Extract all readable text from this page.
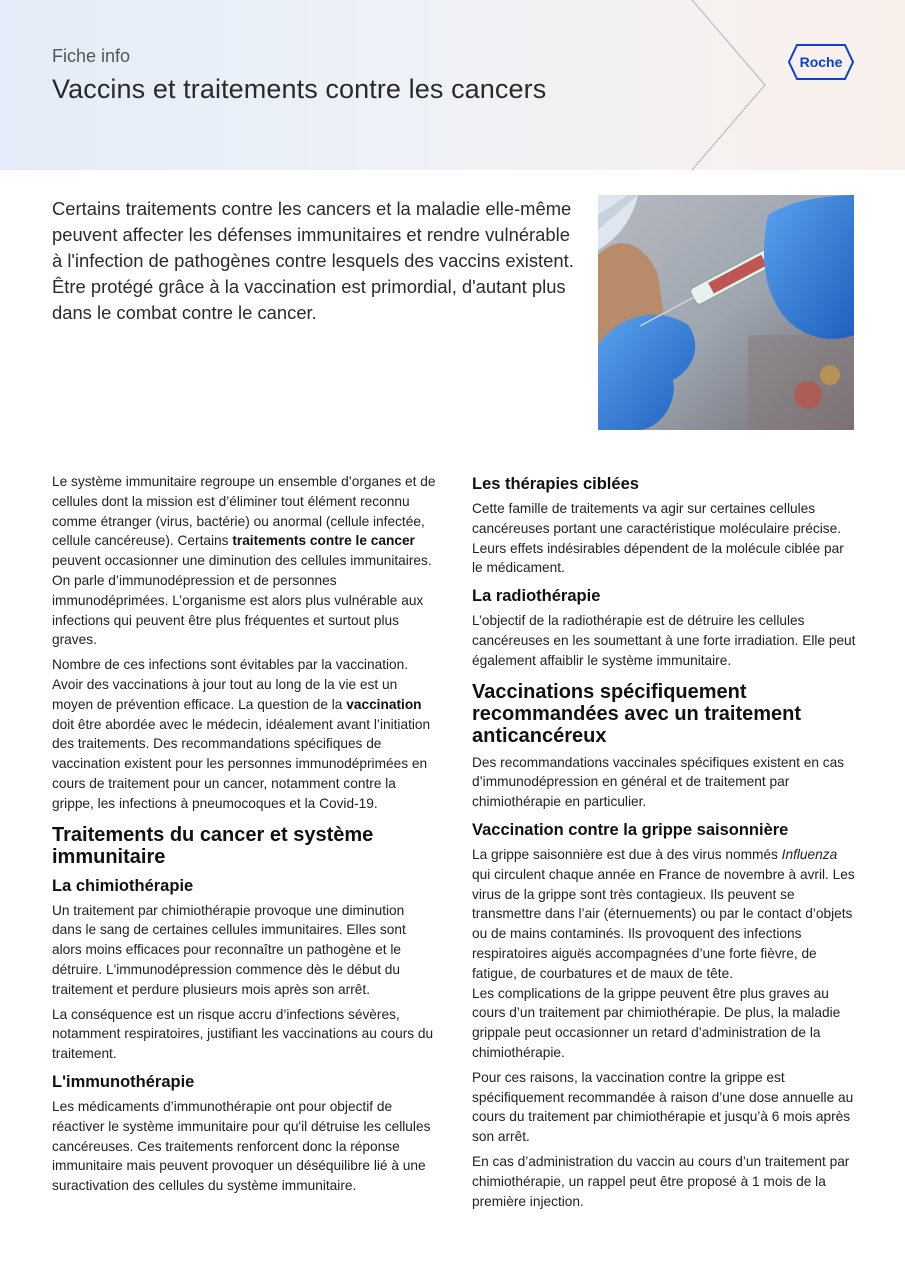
Fiche info
Vaccins et traitements contre les cancers
Roche
Certains traitements contre les cancers et la maladie elle-même peuvent affecter les défenses immunitaires et rendre vulnérable à l'infection de pathogènes contre lesquels des vaccins existent. Être protégé grâce à la vaccination est primordial, d'autant plus dans le combat contre le cancer.

Le système immunitaire regroupe un ensemble d’organes et de cellules dont la mission est d’éliminer tout élément reconnu comme étranger (virus, bactérie) ou anormal (cellule infectée, cellule cancéreuse). Certains traitements contre le cancer peuvent occasionner une diminution des cellules immunitaires. On parle d’immunodépression et de personnes immunodéprimées. L’organisme est alors plus vulnérable aux infections qui peuvent être plus fréquentes et surtout plus graves.

Nombre de ces infections sont évitables par la vaccination. Avoir des vaccinations à jour tout au long de la vie est un moyen de prévention efficace. La question de la vaccination doit être abordée avec le médecin, idéalement avant l’initiation des traitements. Des recommandations spécifiques de vaccination existent pour les personnes immunodéprimées en cours de traitement pour un cancer, notamment contre la grippe, les infections à pneumocoques et la Covid-19.

Traitements du cancer et système immunitaire
La chimiothérapie

Un traitement par chimiothérapie provoque une diminution dans le sang de certaines cellules immunitaires. Elles sont alors moins efficaces pour reconnaître un pathogène et le détruire. L'immunodépression commence dès le début du traitement et perdure plusieurs mois après son arrêt.

La conséquence est un risque accru d’infections sévères, notamment respiratoires, justifiant les vaccinations au cours du traitement.

L'immunothérapie

Les médicaments d’immunothérapie ont pour objectif de réactiver le système immunitaire pour qu'il détruise les cellules cancéreuses. Ces traitements renforcent donc la réponse immunitaire mais peuvent provoquer un déséquilibre lié à une suractivation des cellules du système immunitaire.

Les thérapies ciblées

Cette famille de traitements va agir sur certaines cellules cancéreuses portant une caractéristique moléculaire précise. Leurs effets indésirables dépendent de la molécule ciblée par le médicament.

La radiothérapie

L’objectif de la radiothérapie est de détruire les cellules cancéreuses en les soumettant à une forte irradiation. Elle peut également affaiblir le système immunitaire.

Vaccinations spécifiquement recommandées avec un traitement anticancéreux

Des recommandations vaccinales spécifiques existent en cas d’immunodépression en général et de traitement par chimiothérapie en particulier.

Vaccination contre la grippe saisonnière

La grippe saisonnière est due à des virus nommés Influenza qui circulent chaque année en France de novembre à avril. Les virus de la grippe sont très contagieux. Ils peuvent se transmettre dans l’air (éternuements) ou par le contact d’objets ou de mains contaminés. Ils provoquent des infections respiratoires aiguës accompagnées d’une forte fièvre, de fatigue, de courbatures et de maux de tête.

Les complications de la grippe peuvent être plus graves au cours d’un traitement par chimiothérapie. De plus, la maladie grippale peut occasionner un retard d’administration de la chimiothérapie.

Pour ces raisons, la vaccination contre la grippe est spécifiquement recommandée à raison d’une dose annuelle au cours du traitement par chimiothérapie et jusqu’à 6 mois après son arrêt.

En cas d’administration du vaccin au cours d’un traitement par chimiothérapie, un rappel peut être proposé à 1 mois de la première injection.
